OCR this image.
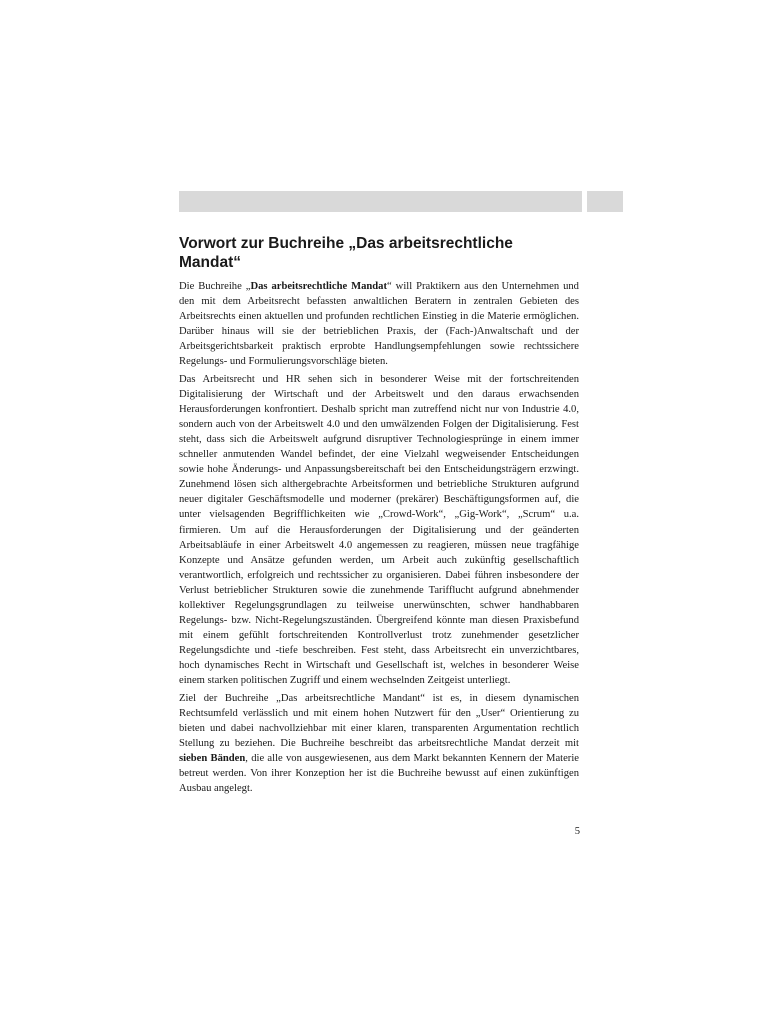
Vorwort zur Buchreihe „Das arbeitsrechtliche Mandat“

Die Buchreihe „Das arbeitsrechtliche Mandat“ will Praktikern aus den Unternehmen und den mit dem Arbeitsrecht befassten anwaltlichen Beratern in zentralen Gebieten des Arbeitsrechts einen aktuellen und profunden rechtlichen Einstieg in die Materie ermöglichen. Darüber hinaus will sie der betrieblichen Praxis, der (Fach-)Anwaltschaft und der Arbeitsgerichtsbarkeit praktisch erprobte Handlungsempfehlungen sowie rechtssichere Regelungs- und Formulierungsvorschläge bieten.

Das Arbeitsrecht und HR sehen sich in besonderer Weise mit der fortschreitenden Digitalisierung der Wirtschaft und der Arbeitswelt und den daraus erwachsenden Herausforderungen konfrontiert. Deshalb spricht man zutreffend nicht nur von Industrie 4.0, sondern auch von der Arbeitswelt 4.0 und den umwälzenden Folgen der Digitalisierung. Fest steht, dass sich die Arbeitswelt aufgrund disruptiver Technologiesprünge in einem immer schneller anmutenden Wandel befindet, der eine Vielzahl wegweisender Entscheidungen sowie hohe Änderungs- und Anpassungsbereitschaft bei den Entscheidungsträgern erzwingt. Zunehmend lösen sich althergebrachte Arbeitsformen und betriebliche Strukturen aufgrund neuer digitaler Geschäftsmodelle und moderner (prekärer) Beschäftigungsformen auf, die unter vielsagenden Begrifflichkeiten wie „Crowd-Work“, „Gig-Work“, „Scrum“ u.a. firmieren. Um auf die Herausforderungen der Digitalisierung und der geänderten Arbeitsabläufe in einer Arbeitswelt 4.0 angemessen zu reagieren, müssen neue tragfähige Konzepte und Ansätze gefunden werden, um Arbeit auch zukünftig gesellschaftlich verantwortlich, erfolgreich und rechtssicher zu organisieren. Dabei führen insbesondere der Verlust betrieblicher Strukturen sowie die zunehmende Tarifflucht aufgrund abnehmender kollektiver Regelungsgrundlagen zu teilweise unerwünschten, schwer handhabbaren Regelungs- bzw. Nicht-Regelungszuständen. Übergreifend könnte man diesen Praxisbefund mit einem gefühlt fortschreitenden Kontrollverlust trotz zunehmender gesetzlicher Regelungsdichte und -tiefe beschreiben. Fest steht, dass Arbeitsrecht ein unverzichtbares, hoch dynamisches Recht in Wirtschaft und Gesellschaft ist, welches in besonderer Weise einem starken politischen Zugriff und einem wechselnden Zeitgeist unterliegt.

Ziel der Buchreihe „Das arbeitsrechtliche Mandant“ ist es, in diesem dynamischen Rechtsumfeld verlässlich und mit einem hohen Nutzwert für den „User“ Orientierung zu bieten und dabei nachvollziehbar mit einer klaren, transparenten Argumentation rechtlich Stellung zu beziehen. Die Buchreihe beschreibt das arbeitsrechtliche Mandat derzeit mit sieben Bänden, die alle von ausgewiesenen, aus dem Markt bekannten Kennern der Materie betreut werden. Von ihrer Konzeption her ist die Buchreihe bewusst auf einen zukünftigen Ausbau angelegt.

5
